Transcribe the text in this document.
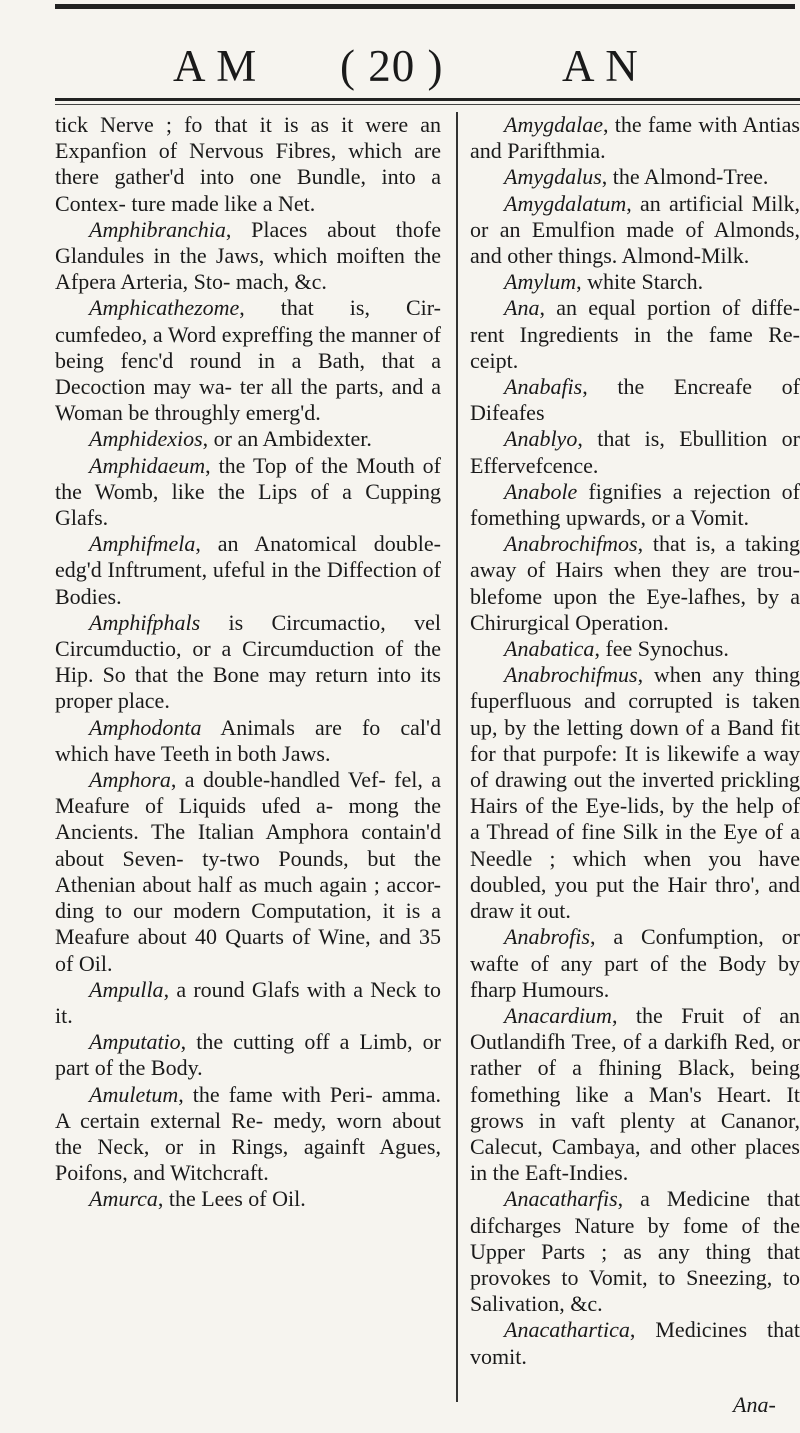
A M ( 20 )	A N

tick Nerve ; fo that it is as it were an Expanfion of Nervous Fibres, which are there gather'd into one Bundle, into a Contex- ture made like a Net.

Amphibranchia, Places about thofe Glandules in the Jaws, which moiften the Afpera Arteria, Sto- mach, &c.

Amphicathezome, that is, Cir- cumfedeo, a Word expreffing the manner of being fenc'd round in a Bath, that a Decoction may wa- ter all the parts, and a Woman be throughly emerg'd.

Amphidexios, or an Ambidexter.

Amphidaeum, the Top of the Mouth of the Womb, like the Lips of a Cupping Glafs.

Amphifmela, an Anatomical double-edg'd Inftrument, ufeful in the Diffection of Bodies.

Amphifphals is Circumactio, vel Circumductio, or a Circumduction of the Hip. So that the Bone may return into its proper place.

Amphodonta Animals are fo cal'd which have Teeth in both Jaws.

Amphora, a double-handled Vef- fel, a Meafure of Liquids ufed a- mong the Ancients. The Italian Amphora contain'd about Seven- ty-two Pounds, but the Athenian about half as much again ; accor- ding to our modern Computation, it is a Meafure about 40 Quarts of Wine, and 35 of Oil.

Ampulla, a round Glafs with a Neck to it.

Amputatio, the cutting off a Limb, or part of the Body.

Amuletum, the fame with Peri- amma. A certain external Re- medy, worn about the Neck, or in Rings, againft Agues, Poifons, and Witchcraft.

Amurca, the Lees of Oil.

Amygdalae, the fame with Antias and Parifthmia.

Amygdalus, the Almond-Tree.

Amygdalatum, an artificial Milk, or an Emulfion made of Almonds, and other things. Almond-Milk.

Amylum, white Starch.

Ana, an equal portion of diffe- rent Ingredients in the fame Re- ceipt.

Anabafis, the Encreafe of Difeafes

Anablyo, that is, Ebullition or Effervefcence.

Anabole fignifies a rejection of fomething upwards, or a Vomit.

Anabrochifmos, that is, a taking away of Hairs when they are trou- blefome upon the Eye-lafhes, by a Chirurgical Operation.

Anabatica, fee Synochus.

Anabrochifmus, when any thing fuperfluous and corrupted is taken up, by the letting down of a Band fit for that purpofe: It is likewife a way of drawing out the inverted prickling Hairs of the Eye-lids, by the help of a Thread of fine Silk in the Eye of a Needle ; which when you have doubled, you put the Hair thro', and draw it out.

Anabrofis, a Confumption, or wafte of any part of the Body by fharp Humours.

Anacardium, the Fruit of an Outlandifh Tree, of a darkifh Red, or rather of a fhining Black, being fomething like a Man's Heart. It grows in vaft plenty at Cananor, Calecut, Cambaya, and other places in the Eaft-Indies.

Anacatharfis, a Medicine that difcharges Nature by fome of the Upper Parts ; as any thing that provokes to Vomit, to Sneezing, to Salivation, &c.

Anacathartica, Medicines that vomit.

Ana-
